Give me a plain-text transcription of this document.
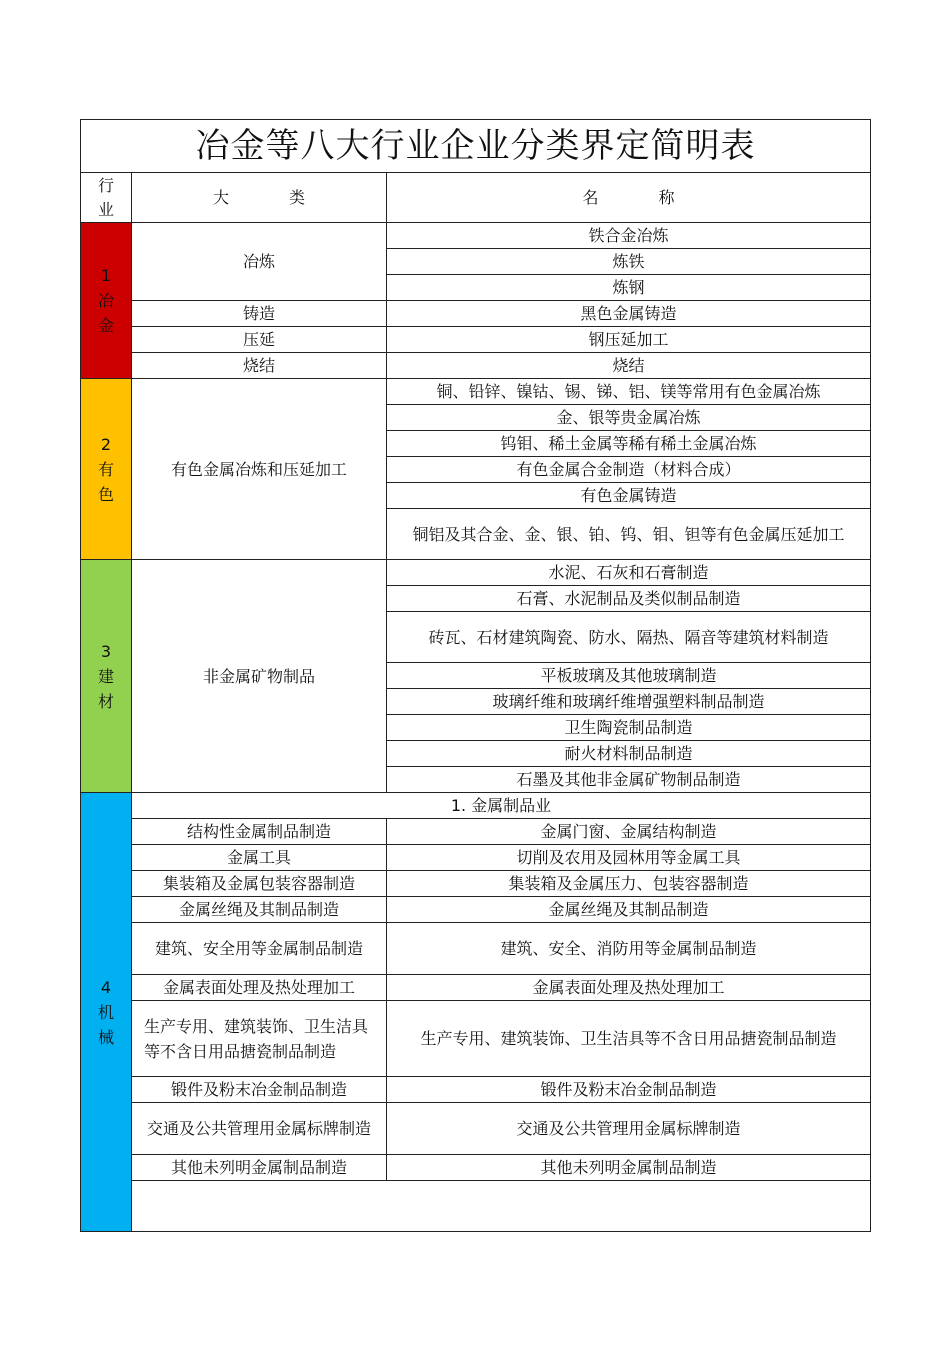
冶金等八大行业企业分类界定简明表		

行
业	大 类	名 称

1
冶
金	冶炼	铁合金冶炼
		炼铁
		炼钢
	铸造	黑色金属铸造
	压延	钢压延加工
	烧结	烧结

2
有
色	有色金属冶炼和压延加工	铜、铅锌、镍钴、锡、锑、铝、镁等常用有色金属冶炼
		金、银等贵金属冶炼
		钨钼、稀土金属等稀有稀土金属冶炼
		有色金属合金制造（材料合成）
		有色金属铸造
		铜铝及其合金、金、银、铂、钨、钼、钽等有色金属压延加工

3
建
材	非金属矿物制品	水泥、石灰和石膏制造
		石膏、水泥制品及类似制品制造
		砖瓦、石材建筑陶瓷、防水、隔热、隔音等建筑材料制造
		平板玻璃及其他玻璃制造
		玻璃纤维和玻璃纤维增强塑料制品制造
		卫生陶瓷制品制造
		耐火材料制品制造
		石墨及其他非金属矿物制品制造

4
机
械	1. 金属制品业	
	结构性金属制品制造	金属门窗、金属结构制造
	金属工具	切削及农用及园林用等金属工具
	集装箱及金属包装容器制造	集装箱及金属压力、包装容器制造
	金属丝绳及其制品制造	金属丝绳及其制品制造
	建筑、安全用等金属制品制造	建筑、安全、消防用等金属制品制造
	金属表面处理及热处理加工	金属表面处理及热处理加工
	生产专用、建筑装饰、卫生洁具等不含日用品搪瓷制品制造	生产专用、建筑装饰、卫生洁具等不含日用品搪瓷制品制造
	锻件及粉末冶金制品制造	锻件及粉末冶金制品制造
	交通及公共管理用金属标牌制造	交通及公共管理用金属标牌制造
	其他未列明金属制品制造	其他未列明金属制品制造
